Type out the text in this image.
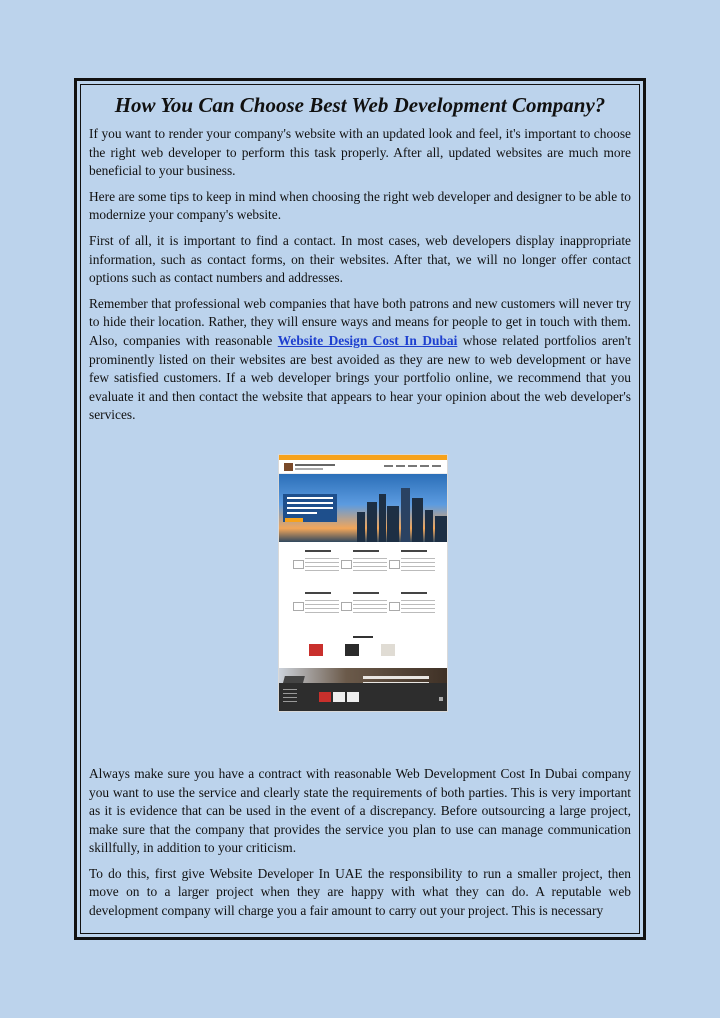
How You Can Choose Best Web Development Company?

If you want to render your company's website with an updated look and feel, it's important to choose the right web developer to perform this task properly. After all, updated websites are much more beneficial to your business.

Here are some tips to keep in mind when choosing the right web developer and designer to be able to modernize your company's website.

First of all, it is important to find a contact. In most cases, web developers display inappropriate information, such as contact forms, on their websites. After that, we will no longer offer contact options such as contact numbers and addresses.

Remember that professional web companies that have both patrons and new customers will never try to hide their location. Rather, they will ensure ways and means for people to get in touch with them. Also, companies with reasonable Website Design Cost In Dubai whose related portfolios aren't prominently listed on their websites are best avoided as they are new to web development or have few satisfied customers. If a web developer brings your portfolio online, we recommend that you evaluate it and then contact the website that appears to hear your opinion about the web developer's services.

Always make sure you have a contract with reasonable Web Development Cost In Dubai company you want to use the service and clearly state the requirements of both parties. This is very important as it is evidence that can be used in the event of a discrepancy. Before outsourcing a large project, make sure that the company that provides the service you plan to use can manage communication skillfully, in addition to your criticism.

To do this, first give Website Developer In UAE the responsibility to run a smaller project, then move on to a larger project when they are happy with what they can do. A reputable web development company will charge you a fair amount to carry out your project. This is necessary
